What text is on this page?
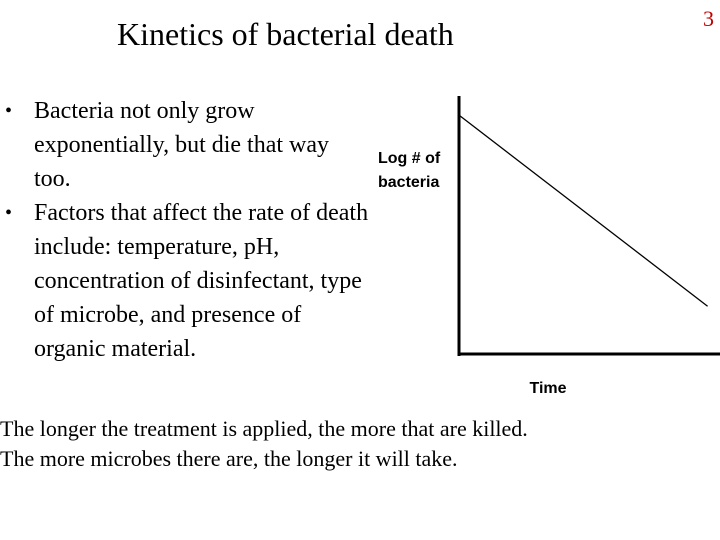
Kinetics of bacterial death	3
• Bacteria not only grow exponentially, but die that way too.
• Factors that affect the rate of death include: temperature, pH, concentration of disinfectant, type of microbe, and presence of organic material.
Log # of
bacteria
Time
The longer the treatment is applied, the more that are killed.
The more microbes there are, the longer it will take.
